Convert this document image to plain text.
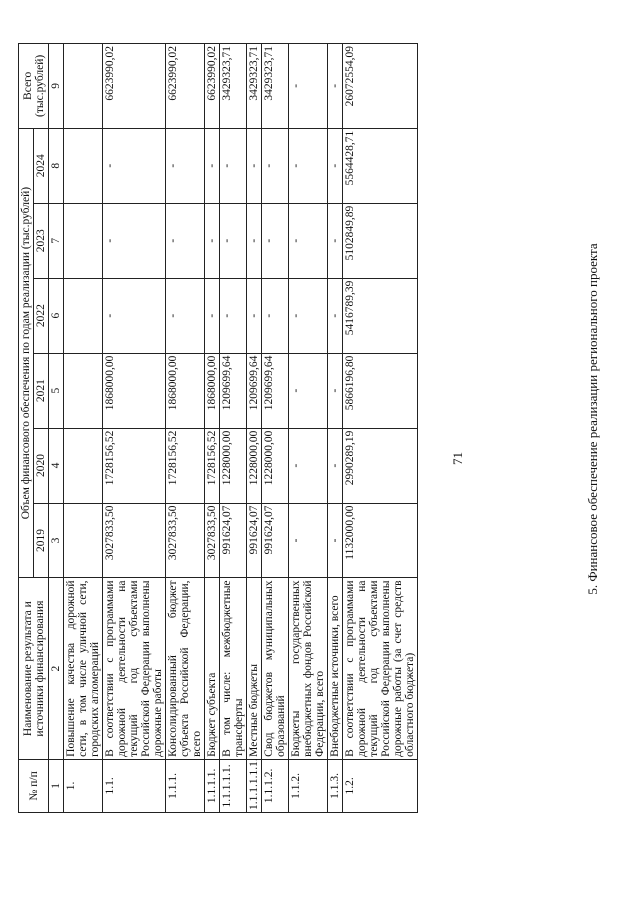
№ п/п	Наименование результата и источники финансирования	Объем финансового обеспечения по годам реализации (тыс.рублей)						Всего (тыс.рублей)
		2019	2020	2021	2022	2023	2024	
1	2	3	4	5	6	7	8	9
1.	Повышение качества дорожной сети, в том числе уличной сети, городских агломераций							
1.1.	В соответствии с программами дорожной деятельности на текущий год субъектами Российской Федерации выполнены дорожные работы	3027833,50	1728156,52	1868000,00	-	-	-	6623990,02
1.1.1.	Консолидированный бюджет субъекта Российской Федерации, всего	3027833,50	1728156,52	1868000,00	-	-	-	6623990,02
1.1.1.1.	Бюджет субъекта	3027833,50	1728156,52	1868000,00	-	-	-	6623990,02
1.1.1.1.1.	В том числе: межбюджетные трансферты	991624,07	1228000,00	1209699,64	-	-	-	3429323,71
1.1.1.1.1.1.	Местные бюджеты	991624,07	1228000,00	1209699,64	-	-	-	3429323,71
1.1.1.2.	Свод бюджетов муниципальных образований	991624,07	1228000,00	1209699,64	-	-	-	3429323,71
1.1.2.	Бюджеты государственных внебюджетных фондов Российской Федерации, всего	-	-	-	-	-	-	-
1.1.3.	Внебюджетные источники, всего	-	-	-	-	-	-	-
1.2.	В соответствии с программами дорожной деятельности на текущий год субъектами Российской Федерации выполнены дорожные работы (за счет средств областного бюджета)	1132000,00	2990289,19	5866196,80	5416789,39	5102849,89	5564428,71	26072554,09
5. Финансовое обеспечение реализации регионального проекта
71
